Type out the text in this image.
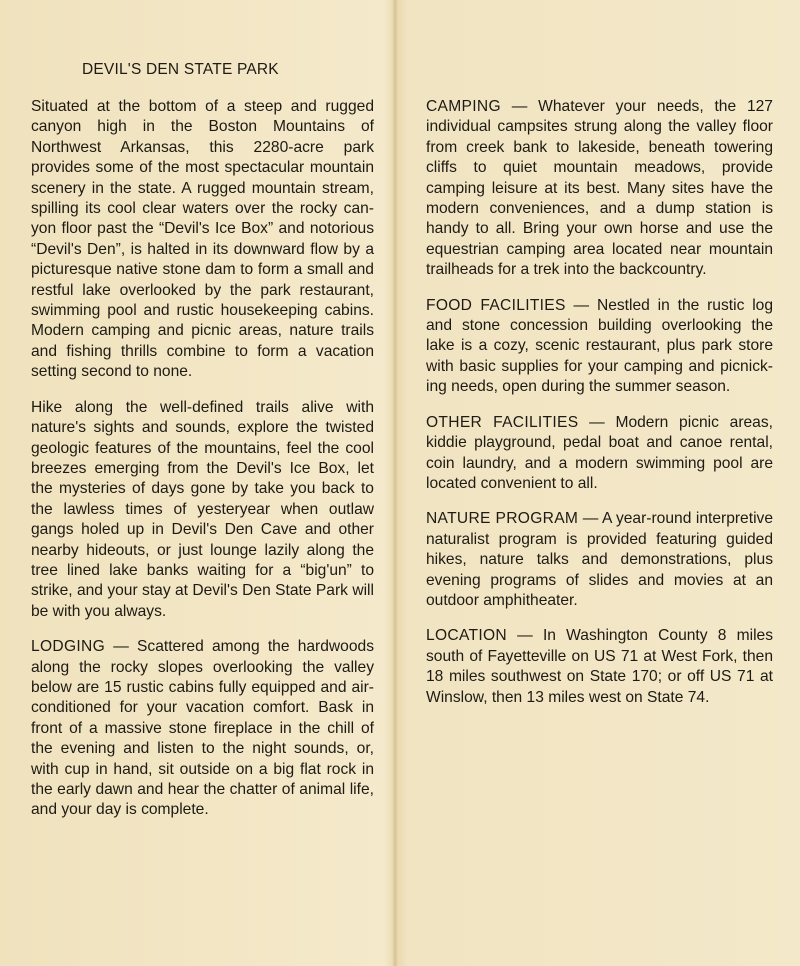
DEVIL'S DEN STATE PARK

Situated at the bottom of a steep and rugged canyon high in the Boston Mountains of Northwest Arkansas, this 2280-acre park provides some of the most spectacular mountain scenery in the state. A rugged mountain stream, spilling its cool clear waters over the rocky canyon floor past the “Devil's Ice Box” and notorious “Devil's Den”, is halted in its downward flow by a picturesque native stone dam to form a small and restful lake overlooked by the park restaurant, swimming pool and rustic housekeeping cabins. Modern camping and picnic areas, nature trails and fishing thrills combine to form a vacation setting second to none.

Hike along the well-defined trails alive with nature's sights and sounds, explore the twisted geologic features of the mountains, feel the cool breezes emerging from the Devil's Ice Box, let the mysteries of days gone by take you back to the lawless times of yesteryear when outlaw gangs holed up in Devil's Den Cave and other nearby hideouts, or just lounge lazily along the tree lined lake banks waiting for a “big'un” to strike, and your stay at Devil's Den State Park will be with you always.

LODGING — Scattered among the hardwoods along the rocky slopes overlooking the valley below are 15 rustic cabins fully equipped and air-conditioned for your vacation comfort. Bask in front of a massive stone fireplace in the chill of the evening and listen to the night sounds, or, with cup in hand, sit outside on a big flat rock in the early dawn and hear the chatter of animal life, and your day is complete.

CAMPING — Whatever your needs, the 127 individual campsites strung along the valley floor from creek bank to lakeside, beneath towering cliffs to quiet mountain meadows, provide camping leisure at its best. Many sites have the modern conveniences, and a dump station is handy to all. Bring your own horse and use the equestrian camping area located near mountain trailheads for a trek into the backcountry.

FOOD FACILITIES — Nestled in the rustic log and stone concession building overlooking the lake is a cozy, scenic restaurant, plus park store with basic supplies for your camping and picnicking needs, open during the summer season.

OTHER FACILITIES — Modern picnic areas, kiddie playground, pedal boat and canoe rental, coin laundry, and a modern swimming pool are located convenient to all.

NATURE PROGRAM — A year-round interpretive naturalist program is provided featuring guided hikes, nature talks and demonstrations, plus evening programs of slides and movies at an outdoor amphitheater.

LOCATION — In Washington County 8 miles south of Fayetteville on US 71 at West Fork, then 18 miles southwest on State 170; or off US 71 at Winslow, then 13 miles west on State 74.
